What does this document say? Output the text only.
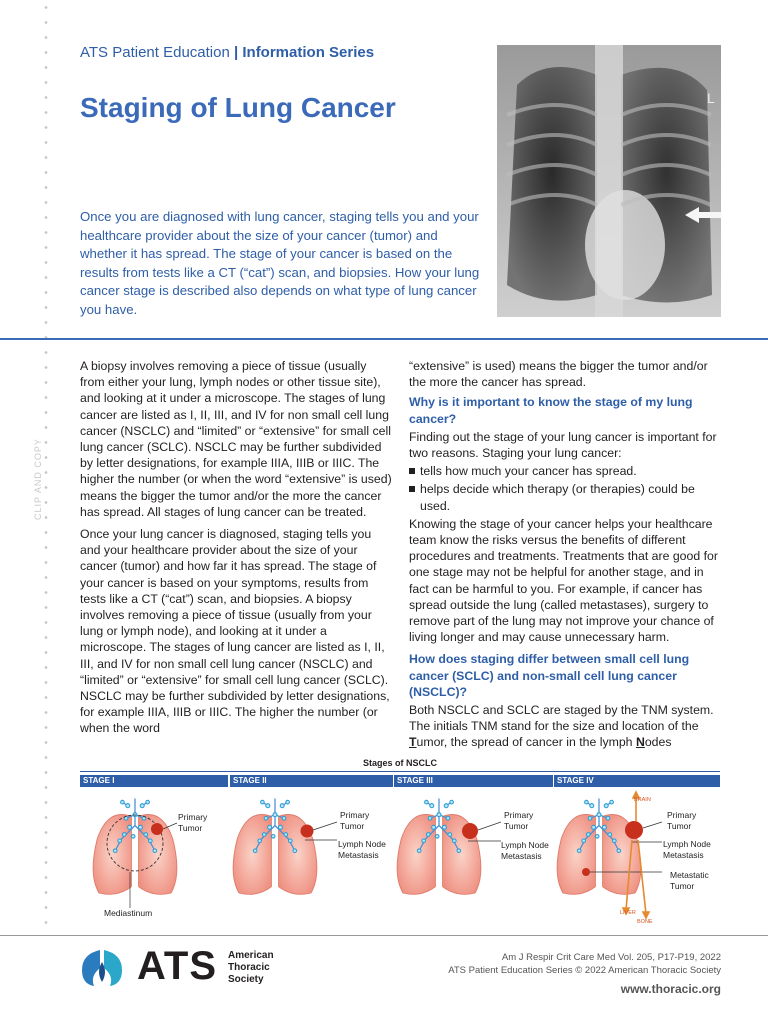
CLIP AND COPY
ATS Patient Education | Information Series
Staging of Lung Cancer

Once you are diagnosed with lung cancer, staging tells you and your healthcare provider about the size of your cancer (tumor) and whether it has spread. The stage of your cancer is based on the results from tests like a CT (“cat”) scan, and biopsies. How your lung cancer stage is described also depends on what type of lung cancer you have.

L

A biopsy involves removing a piece of tissue (usually from either your lung, lymph nodes or other tissue site), and looking at it under a microscope. The stages of lung cancer are listed as I, II, III, and IV for non small cell lung cancer (NSCLC) and “limited” or “extensive” for small cell lung cancer (SCLC). NSCLC may be further subdivided by letter designations, for example IIIA, IIIB or IIIC. The higher the number (or when the word “extensive” is used) means the bigger the tumor and/or the more the cancer has spread. All stages of lung cancer can be treated.

Once your lung cancer is diagnosed, staging tells you and your healthcare provider about the size of your cancer (tumor) and how far it has spread. The stage of your cancer is based on your symptoms, results from tests like a CT (“cat”) scan, and biopsies. A biopsy involves removing a piece of tissue (usually from your lung or lymph node), and looking at it under a microscope. The stages of lung cancer are listed as I, II, III, and IV for non small cell lung cancer (NSCLC) and “limited” or “extensive” for small cell lung cancer (SCLC). NSCLC may be further subdivided by letter designations, for example IIIA, IIIB or IIIC. The higher the number (or when the word

“extensive” is used) means the bigger the tumor and/or the more the cancer has spread.

Why is it important to know the stage of my lung cancer?

Finding out the stage of your lung cancer is important for two reasons. Staging your lung cancer:

tells how much your cancer has spread.
helps decide which therapy (or therapies) could be used.

Knowing the stage of your cancer helps your healthcare team know the risks versus the benefits of different procedures and treatments. Treatments that are good for one stage may not be helpful for another stage, and in fact can be harmful to you. For example, if cancer has spread outside the lung (called metastases), surgery to remove part of the lung may not improve your chance of living longer and may cause unnecessary harm.

How does staging differ between small cell lung cancer (SCLC) and non-small cell lung cancer (NSCLC)?

Both NSCLC and SCLC are staged by the TNM system. The initials TNM stand for the size and location of the Tumor, the spread of cancer in the lymph Nodes

Stages of NSCLC
STAGE I	STAGE II	STAGE III	STAGE IV
Primary
Tumor
Mediastinum
Primary
Tumor
Lymph Node
Metastasis
Primary
Tumor
Lymph Node
Metastasis
BRAIN
Primary
Tumor
Lymph Node
Metastasis
Metastatic
Tumor
LIVER
BONE
ATS American
Thoracic
Society
Am J Respir Crit Care Med Vol. 205, P17-P19, 2022
ATS Patient Education Series © 2022 American Thoracic Society
www.thoracic.org
